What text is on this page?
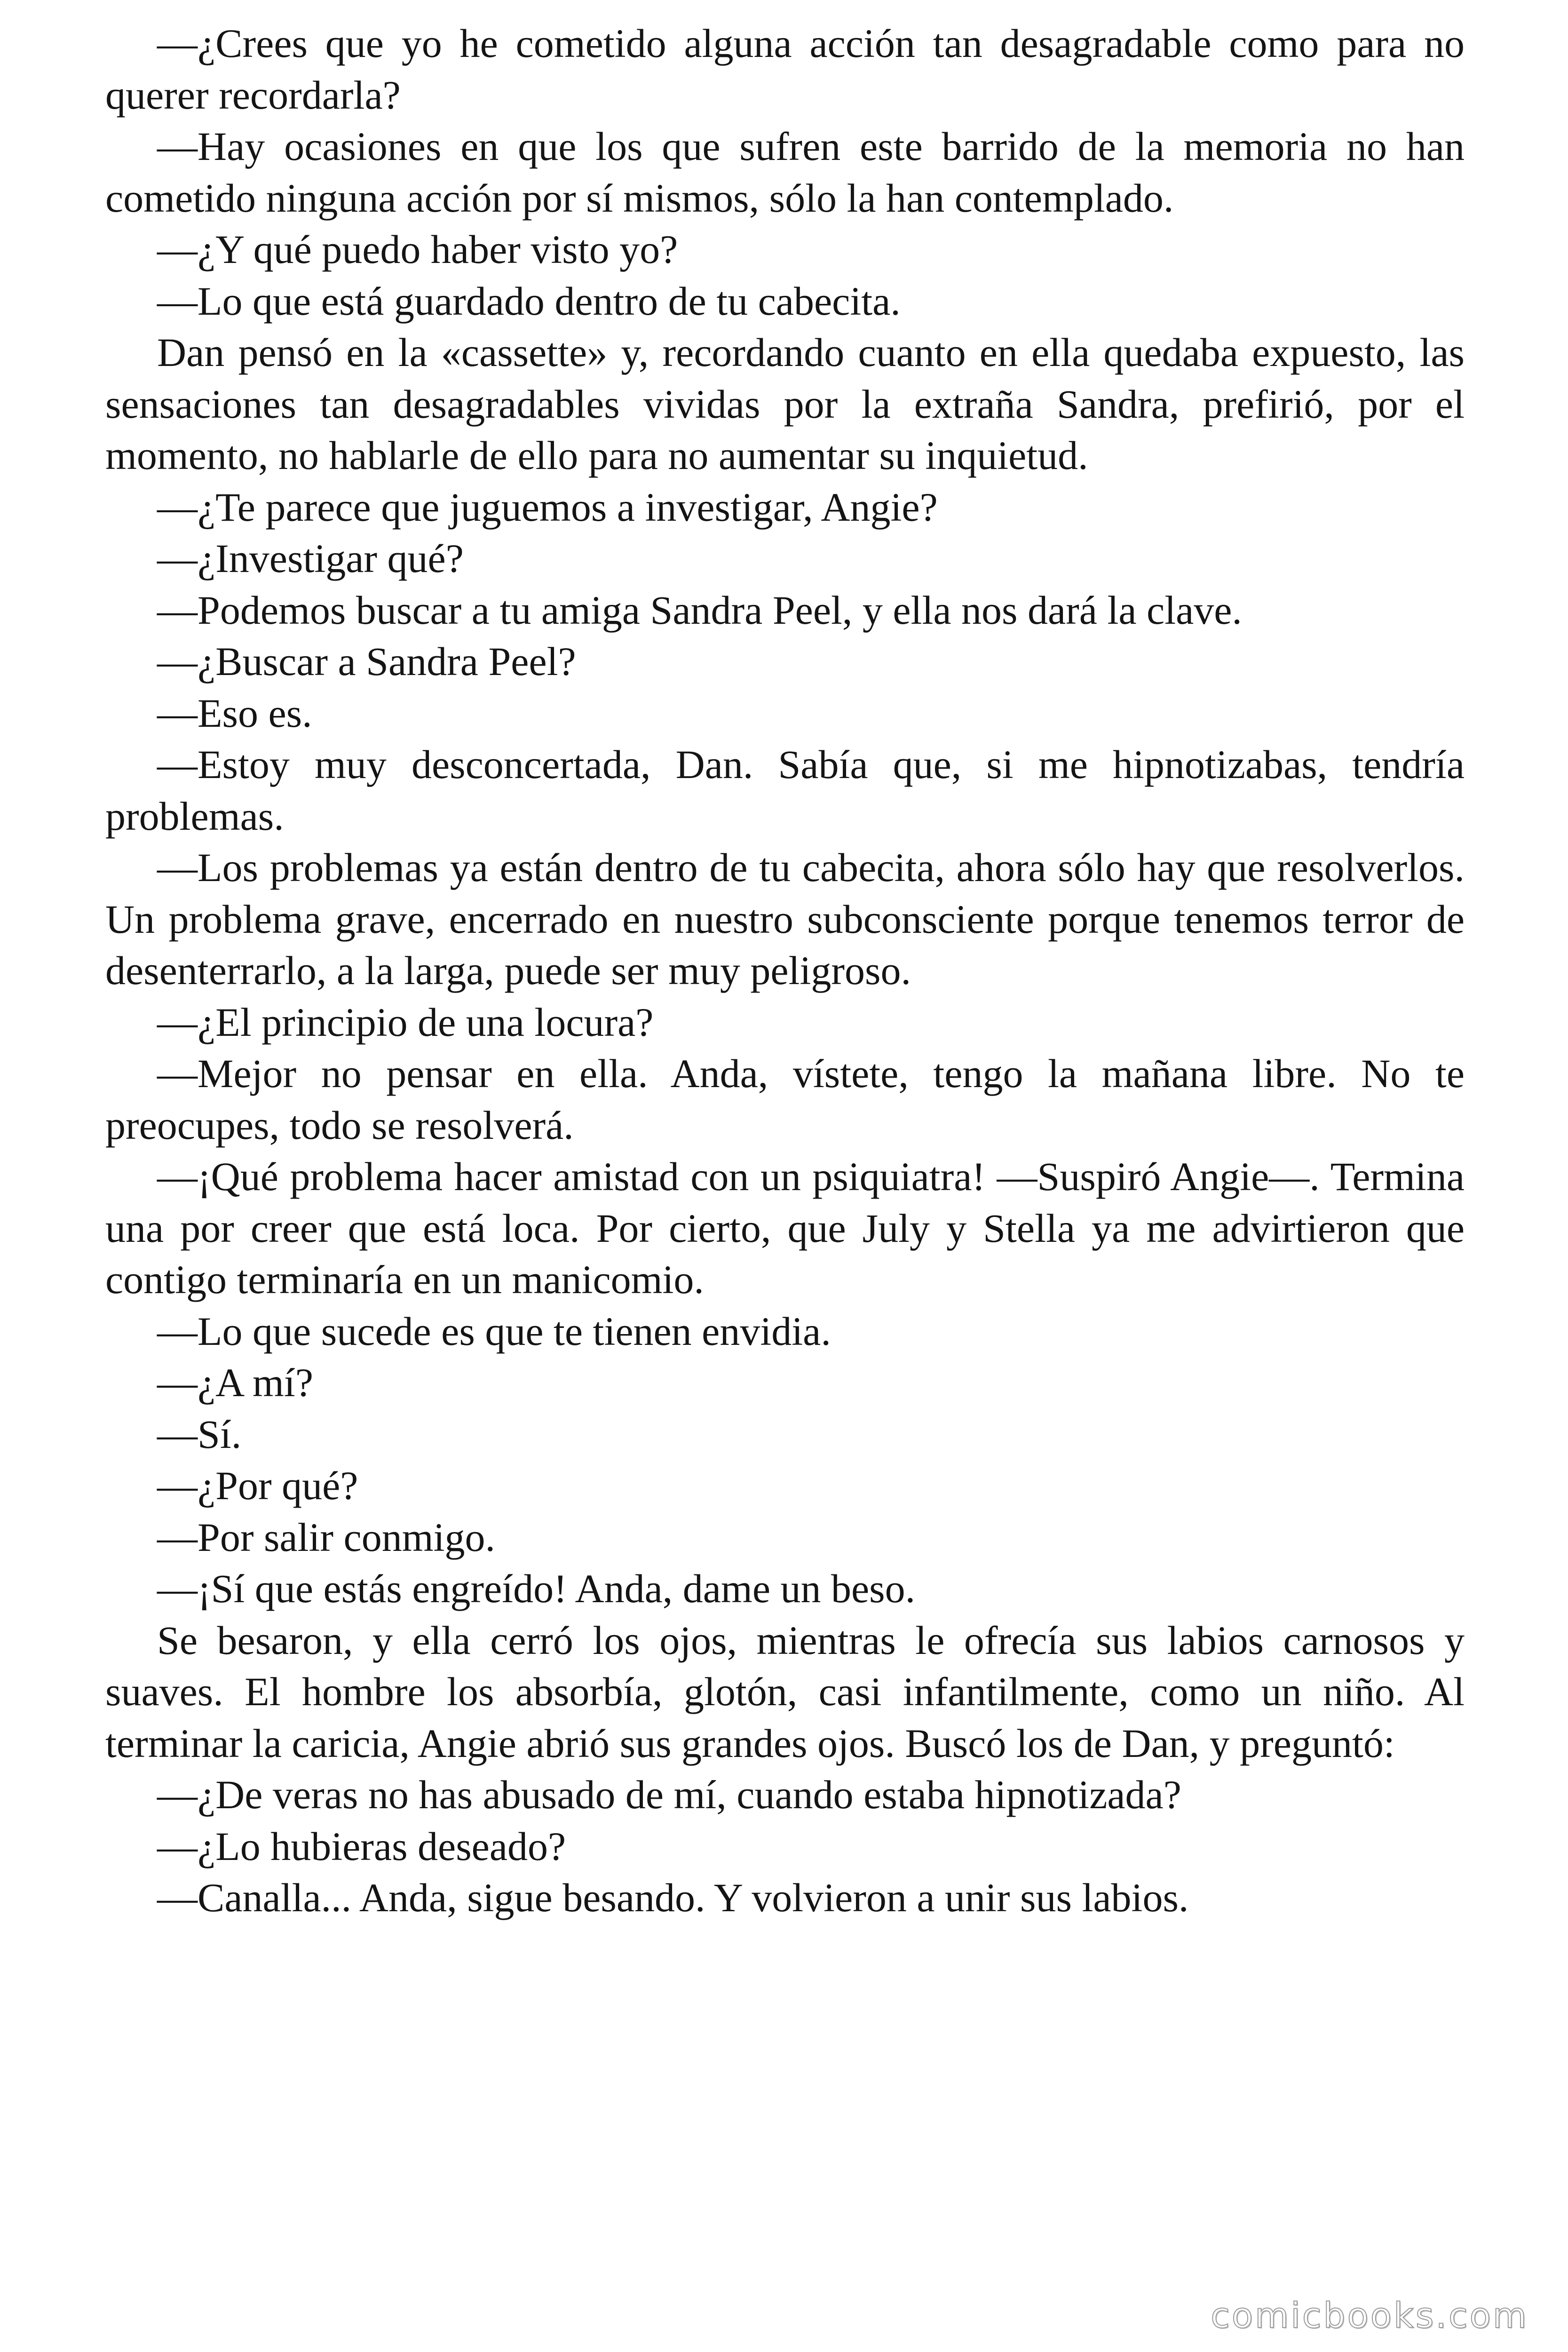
—¿Crees que yo he cometido alguna acción tan desagradable como para no querer recordarla?

—Hay ocasiones en que los que sufren este barrido de la memoria no han cometido ninguna acción por sí mismos, sólo la han contemplado.

—¿Y qué puedo haber visto yo?

—Lo que está guardado dentro de tu cabecita.

Dan pensó en la «cassette» y, recordando cuanto en ella quedaba expuesto, las sensaciones tan desagradables vividas por la extraña Sandra, prefirió, por el momento, no hablarle de ello para no aumentar su inquietud.

—¿Te parece que juguemos a investigar, Angie?

—¿Investigar qué?

—Podemos buscar a tu amiga Sandra Peel, y ella nos dará la clave.

—¿Buscar a Sandra Peel?

—Eso es.

—Estoy muy desconcertada, Dan. Sabía que, si me hipnotizabas, tendría problemas.

—Los problemas ya están dentro de tu cabecita, ahora sólo hay que resolverlos. Un problema grave, encerrado en nuestro subconsciente porque tenemos terror de desenterrarlo, a la larga, puede ser muy peligroso.

—¿El principio de una locura?

—Mejor no pensar en ella. Anda, vístete, tengo la mañana libre. No te preocupes, todo se resolverá.

—¡Qué problema hacer amistad con un psiquiatra! —Suspiró Angie—. Termina una por creer que está loca. Por cierto, que July y Stella ya me advirtieron que contigo terminaría en un manicomio.

—Lo que sucede es que te tienen envidia.

—¿A mí?

—Sí.

—¿Por qué?

—Por salir conmigo.

—¡Sí que estás engreído! Anda, dame un beso.

Se besaron, y ella cerró los ojos, mientras le ofrecía sus labios carnosos y suaves. El hombre los absorbía, glotón, casi infantilmente, como un niño. Al terminar la caricia, Angie abrió sus grandes ojos. Buscó los de Dan, y preguntó:

—¿De veras no has abusado de mí, cuando estaba hipnotizada?

—¿Lo hubieras deseado?

—Canalla... Anda, sigue besando. Y volvieron a unir sus labios.

comicbooks.com
